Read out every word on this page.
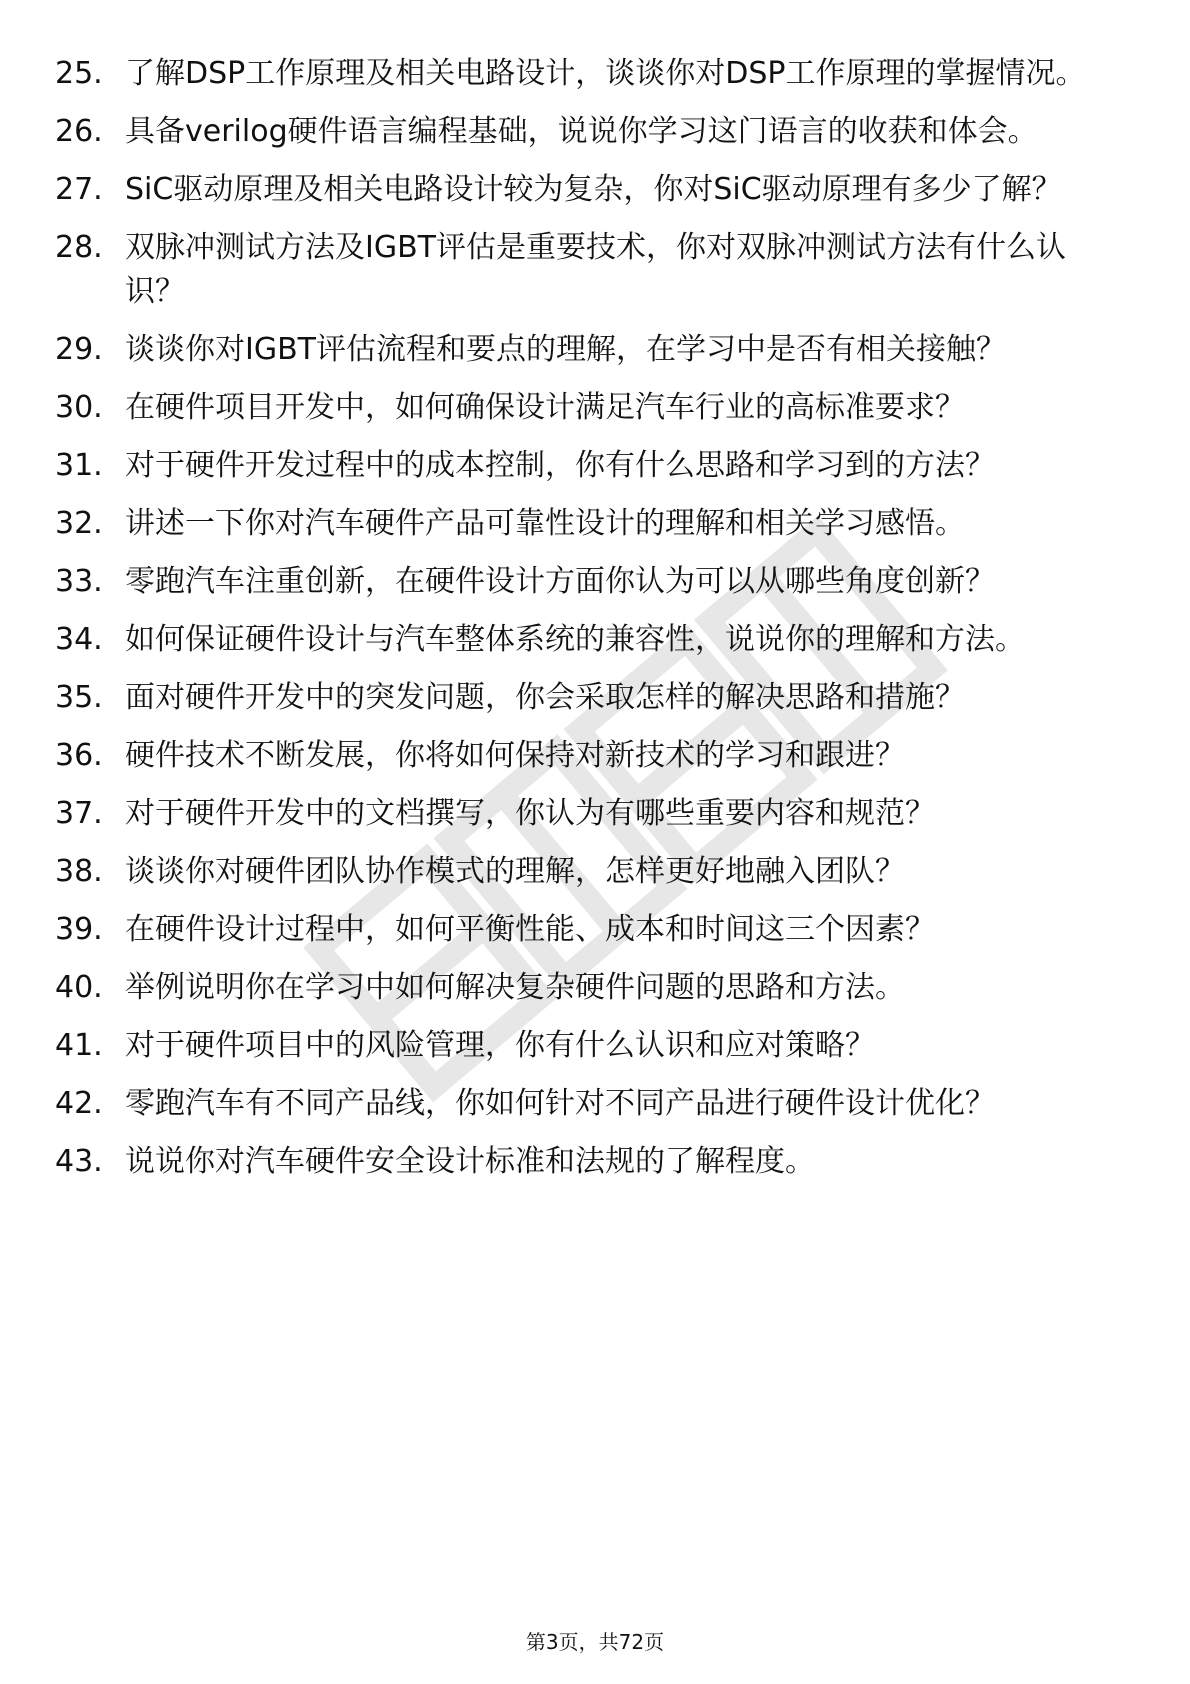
25. 了解DSP工作原理及相关电路设计，谈谈你对DSP工作原理的掌握情况。
26. 具备verilog硬件语言编程基础，说说你学习这门语言的收获和体会。
27. SiC驱动原理及相关电路设计较为复杂，你对SiC驱动原理有多少了解？
28. 双脉冲测试方法及IGBT评估是重要技术，你对双脉冲测试方法有什么认识？
29. 谈谈你对IGBT评估流程和要点的理解，在学习中是否有相关接触？
30. 在硬件项目开发中，如何确保设计满足汽车行业的高标准要求？
31. 对于硬件开发过程中的成本控制，你有什么思路和学习到的方法？
32. 讲述一下你对汽车硬件产品可靠性设计的理解和相关学习感悟。
33. 零跑汽车注重创新，在硬件设计方面你认为可以从哪些角度创新？
34. 如何保证硬件设计与汽车整体系统的兼容性，说说你的理解和方法。
35. 面对硬件开发中的突发问题，你会采取怎样的解决思路和措施？
36. 硬件技术不断发展，你将如何保持对新技术的学习和跟进？
37. 对于硬件开发中的文档撰写，你认为有哪些重要内容和规范？
38. 谈谈你对硬件团队协作模式的理解，怎样更好地融入团队？
39. 在硬件设计过程中，如何平衡性能、成本和时间这三个因素？
40. 举例说明你在学习中如何解决复杂硬件问题的思路和方法。
41. 对于硬件项目中的风险管理，你有什么认识和应对策略？
42. 零跑汽车有不同产品线，你如何针对不同产品进行硬件设计优化？
43. 说说你对汽车硬件安全设计标准和法规的了解程度。
第3页，共72页
